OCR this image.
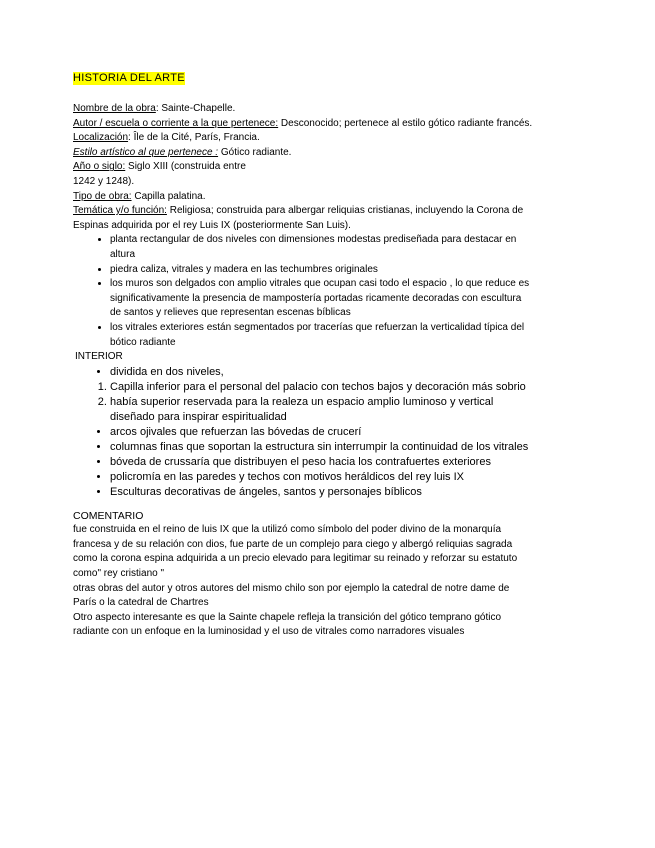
HISTORIA DEL ARTE

Nombre de la obra: Sainte-Chapelle.

Autor / escuela o corriente a la que pertenece: Desconocido; pertenece al estilo gótico radiante francés.

Localización: Île de la Cité, París, Francia.

Estilo artístico al que pertenece : Gótico radiante.

Año o siglo: Siglo XIII (construida entre

1242 y 1248).

Tipo de obra: Capilla palatina.

Temática y/o función: Religiosa; construida para albergar reliquias cristianas, incluyendo la Corona de Espinas adquirida por el rey Luis IX (posteriormente San Luis).

• planta rectangular de dos niveles con dimensiones modestas prediseñada para destacar en altura
• piedra caliza, vitrales y madera en las techumbres originales
• los muros son delgados con amplio vitrales que ocupan casi todo el espacio , lo que reduce es significativamente la presencia de mampostería portadas ricamente decoradas con escultura de santos y relieves que representan escenas bíblicas
• los vitrales exteriores están segmentados por tracerías que refuerzan la verticalidad típica del bótico radiante

INTERIOR

• dividida en dos niveles,
1. Capilla inferior para el personal del palacio con techos bajos y decoración más sobrio
2. había superior reservada para la realeza un espacio amplio luminoso y vertical diseñado para inspirar espiritualidad
• arcos ojivales que refuerzan las bóvedas de crucerí
• columnas finas que soportan la estructura sin interrumpir la continuidad de los vitrales
• bóveda de crussaría que distribuyen el peso hacia los contrafuertes exteriores
• policromía en las paredes y techos con motivos heráldicos del rey luis IX
• Esculturas decorativas de ángeles, santos y personajes bíblicos

COMENTARIO

fue construida en el reino de luis IX que la utilizó como símbolo del poder divino de la monarquía francesa y de su relación con dios, fue parte de un complejo para ciego y albergó reliquias sagrada como la corona espina adquirida a un precio elevado para legitimar su reinado y reforzar su estatuto como" rey cristiano "

otras obras del autor y otros autores del mismo chilo son por ejemplo la catedral de notre dame de París o la catedral de Chartres

Otro aspecto interesante es que la Sainte chapele refleja la transición del gótico temprano gótico radiante con un enfoque en la luminosidad y el uso de vitrales como narradores visuales
